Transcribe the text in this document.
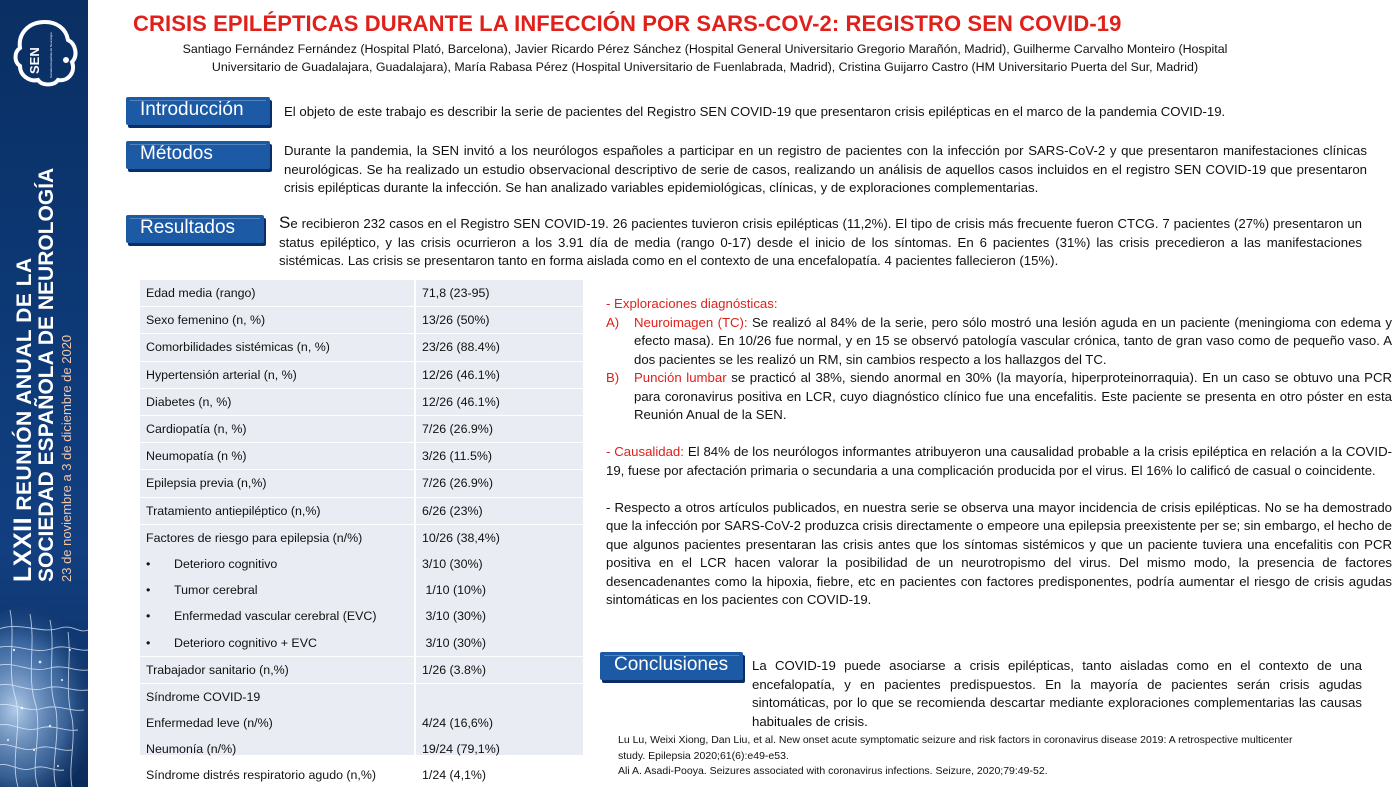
SEN Sociedad Española de Neurología
LXXII REUNIÓN ANUAL DE LA SOCIEDAD ESPAÑOLA DE NEUROLOGÍA 23 de noviembre a 3 de diciembre de 2020
CRISIS EPILÉPTICAS DURANTE LA INFECCIÓN POR SARS-COV-2: REGISTRO SEN COVID-19
Santiago Fernández Fernández (Hospital Plató, Barcelona), Javier Ricardo Pérez Sánchez (Hospital General Universitario Gregorio Marañón, Madrid), Guilherme Carvalho Monteiro (Hospital
Universitario de Guadalajara, Guadalajara), María Rabasa Pérez (Hospital Universitario de Fuenlabrada, Madrid), Cristina Guijarro Castro (HM Universitario Puerta del Sur, Madrid)
Introducción	El objeto de este trabajo es describir la serie de pacientes del Registro SEN COVID-19 que presentaron crisis epilépticas en el marco de la pandemia COVID-19.
Métodos	Durante la pandemia, la SEN invitó a los neurólogos españoles a participar en un registro de pacientes con la infección por SARS-CoV-2 y que presentaron manifestaciones clínicas neurológicas. Se ha realizado un estudio observacional descriptivo de serie de casos, realizando un análisis de aquellos casos incluidos en el registro SEN COVID-19 que presentaron crisis epilépticas durante la infección. Se han analizado variables epidemiológicas, clínicas, y de exploraciones complementarias.
Resultados	Se recibieron 232 casos en el Registro SEN COVID-19. 26 pacientes tuvieron crisis epilépticas (11,2%). El tipo de crisis más frecuente fueron CTCG. 7 pacientes (27%) presentaron un status epiléptico, y las crisis ocurrieron a los 3.91 día de media (rango 0-17) desde el inicio de los síntomas. En 6 pacientes (31%) las crisis precedieron a las manifestaciones sistémicas. Las crisis se presentaron tanto en forma aislada como en el contexto de una encefalopatía. 4 pacientes fallecieron (15%).
Edad media (rango)	71,8 (23-95)
Sexo femenino (n, %)	13/26 (50%)
Comorbilidades sistémicas (n, %)	23/26 (88.4%)
Hypertensión arterial (n, %)	12/26 (46.1%)
Diabetes (n, %)	12/26 (46.1%)
Cardiopatía (n, %)	7/26 (26.9%)
Neumopatía (n %)	3/26 (11.5%)
Epilepsia previa (n,%)	7/26 (26.9%)
Tratamiento antiepiléptico (n,%)	6/26 (23%)
Factores de riesgo para epilepsia (n/%)	10/26 (38,4%)
• Deterioro cognitivo	3/10 (30%)
• Tumor cerebral	1/10 (10%)
• Enfermedad vascular cerebral (EVC)	3/10 (30%)
• Deterioro cognitivo + EVC	3/10 (30%)
Trabajador sanitario (n,%)	1/26 (3.8%)
Síndrome COVID-19	
Enfermedad leve (n/%)	4/24 (16,6%)
Neumonía (n/%)	19/24 (79,1%)
Síndrome distrés respiratorio agudo (n,%)	1/24 (4,1%)
- Exploraciones diagnósticas:
A) Neuroimagen (TC): Se realizó al 84% de la serie, pero sólo mostró una lesión aguda en un paciente (meningioma con edema y efecto masa). En 10/26 fue normal, y en 15 se observó patología vascular crónica, tanto de gran vaso como de pequeño vaso. A dos pacientes se les realizó un RM, sin cambios respecto a los hallazgos del TC.
B) Punción lumbar se practicó al 38%, siendo anormal en 30% (la mayoría, hiperproteinorraquia). En un caso se obtuvo una PCR para coronavirus positiva en LCR, cuyo diagnóstico clínico fue una encefalitis. Este paciente se presenta en otro póster en esta Reunión Anual de la SEN.
- Causalidad: El 84% de los neurólogos informantes atribuyeron una causalidad probable a la crisis epiléptica en relación a la COVID-19, fuese por afectación primaria o secundaria a una complicación producida por el virus. El 16% lo calificó de casual o coincidente.
- Respecto a otros artículos publicados, en nuestra serie se observa una mayor incidencia de crisis epilépticas. No se ha demostrado que la infección por SARS-CoV-2 produzca crisis directamente o empeore una epilepsia preexistente per se; sin embargo, el hecho de que algunos pacientes presentaran las crisis antes que los síntomas sistémicos y que un paciente tuviera una encefalitis con PCR positiva en el LCR hacen valorar la posibilidad de un neurotropismo del virus. Del mismo modo, la presencia de factores desencadenantes como la hipoxia, fiebre, etc en pacientes con factores predisponentes, podría aumentar el riesgo de crisis agudas sintomáticas en los pacientes con COVID-19.
Conclusiones	La COVID-19 puede asociarse a crisis epilépticas, tanto aisladas como en el contexto de una encefalopatía, y en pacientes predispuestos. En la mayoría de pacientes serán crisis agudas sintomáticas, por lo que se recomienda descartar mediante exploraciones complementarias las causas habituales de crisis.
Lu Lu, Weixi Xiong, Dan Liu, et al. New onset acute symptomatic seizure and risk factors in coronavirus disease 2019: A retrospective multicenter
study. Epilepsia 2020;61(6):e49-e53.
Ali A. Asadi-Pooya. Seizures associated with coronavirus infections. Seizure, 2020;79:49-52.
